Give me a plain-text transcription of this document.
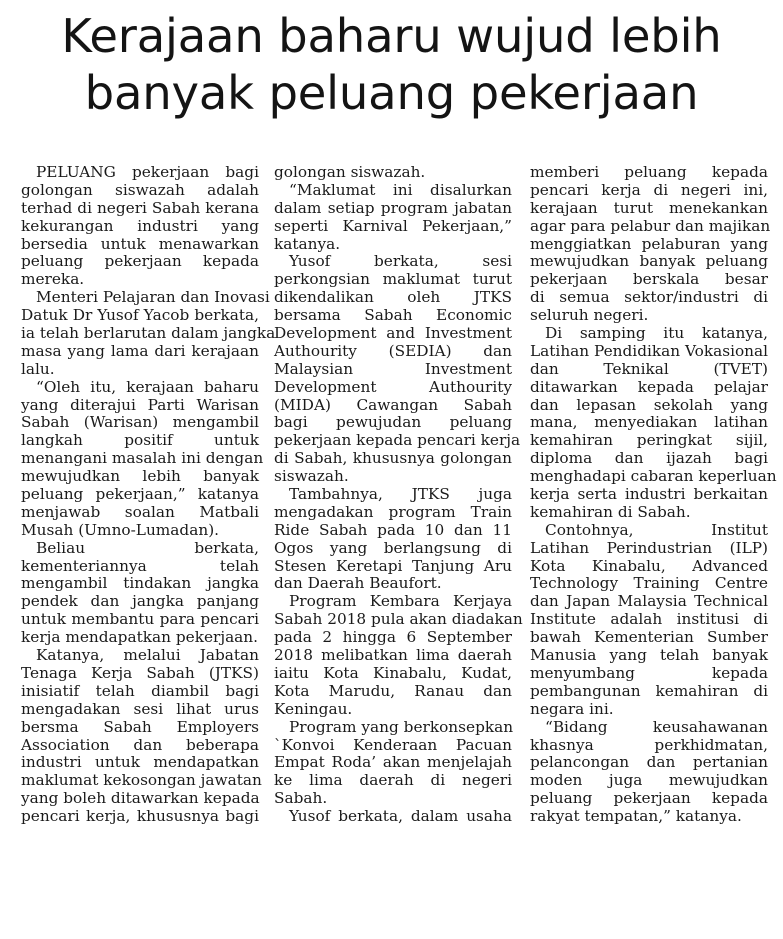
Kerajaan baharu wujud lebih
banyak peluang pekerjaan
PELUANG pekerjaan bagi
golongan siswazah adalah
terhad di negeri Sabah kerana
kekurangan industri yang
bersedia untuk menawarkan
peluang pekerjaan kepada
mereka.
Menteri Pelajaran dan Inovasi
Datuk Dr Yusof Yacob berkata,
ia telah berlarutan dalam jangka
masa yang lama dari kerajaan
lalu.
“Oleh itu, kerajaan baharu
yang diterajui Parti Warisan
Sabah (Warisan) mengambil
langkah positif untuk
menangani masalah ini dengan
mewujudkan lebih banyak
peluang pekerjaan,” katanya
menjawab soalan Matbali
Musah (Umno-Lumadan).
Beliau berkata,
kementeriannya telah
mengambil tindakan jangka
pendek dan jangka panjang
untuk membantu para pencari
kerja mendapatkan pekerjaan.
Katanya, melalui Jabatan
Tenaga Kerja Sabah (JTKS)
inisiatif telah diambil bagi
mengadakan sesi lihat urus
bersma Sabah Employers
Association dan beberapa
industri untuk mendapatkan
maklumat kekosongan jawatan
yang boleh ditawarkan kepada
pencari kerja, khususnya bagi
golongan siswazah.
“Maklumat ini disalurkan
dalam setiap program jabatan
seperti Karnival Pekerjaan,”
katanya.
Yusof berkata, sesi
perkongsian maklumat turut
dikendalikan oleh JTKS
bersama Sabah Economic
Development and Investment
Authourity (SEDIA) dan
Malaysian Investment
Development Authourity
(MIDA) Cawangan Sabah
bagi pewujudan peluang
pekerjaan kepada pencari kerja
di Sabah, khususnya golongan
siswazah.
Tambahnya, JTKS juga
mengadakan program Train
Ride Sabah pada 10 dan 11
Ogos yang berlangsung di
Stesen Keretapi Tanjung Aru
dan Daerah Beaufort.
Program Kembara Kerjaya
Sabah 2018 pula akan diadakan
pada 2 hingga 6 September
2018 melibatkan lima daerah
iaitu Kota Kinabalu, Kudat,
Kota Marudu, Ranau dan
Keningau.
Program yang berkonsepkan
`Konvoi Kenderaan Pacuan
Empat Roda’ akan menjelajah
ke lima daerah di negeri
Sabah.
Yusof berkata, dalam usaha
memberi peluang kepada
pencari kerja di negeri ini,
kerajaan turut menekankan
agar para pelabur dan majikan
menggiatkan pelaburan yang
mewujudkan banyak peluang
pekerjaan berskala besar
di semua sektor/industri di
seluruh negeri.
Di samping itu katanya,
Latihan Pendidikan Vokasional
dan Teknikal (TVET)
ditawarkan kepada pelajar
dan lepasan sekolah yang
mana, menyediakan latihan
kemahiran peringkat sijil,
diploma dan ijazah bagi
menghadapi cabaran keperluan
kerja serta industri berkaitan
kemahiran di Sabah.
Contohnya, Institut
Latihan Perindustrian (ILP)
Kota Kinabalu, Advanced
Technology Training Centre
dan Japan Malaysia Technical
Institute adalah institusi di
bawah Kementerian Sumber
Manusia yang telah banyak
menyumbang kepada
pembangunan kemahiran di
negara ini.
“Bidang keusahawanan
khasnya perkhidmatan,
pelancongan dan pertanian
moden juga mewujudkan
peluang pekerjaan kepada
rakyat tempatan,” katanya.
